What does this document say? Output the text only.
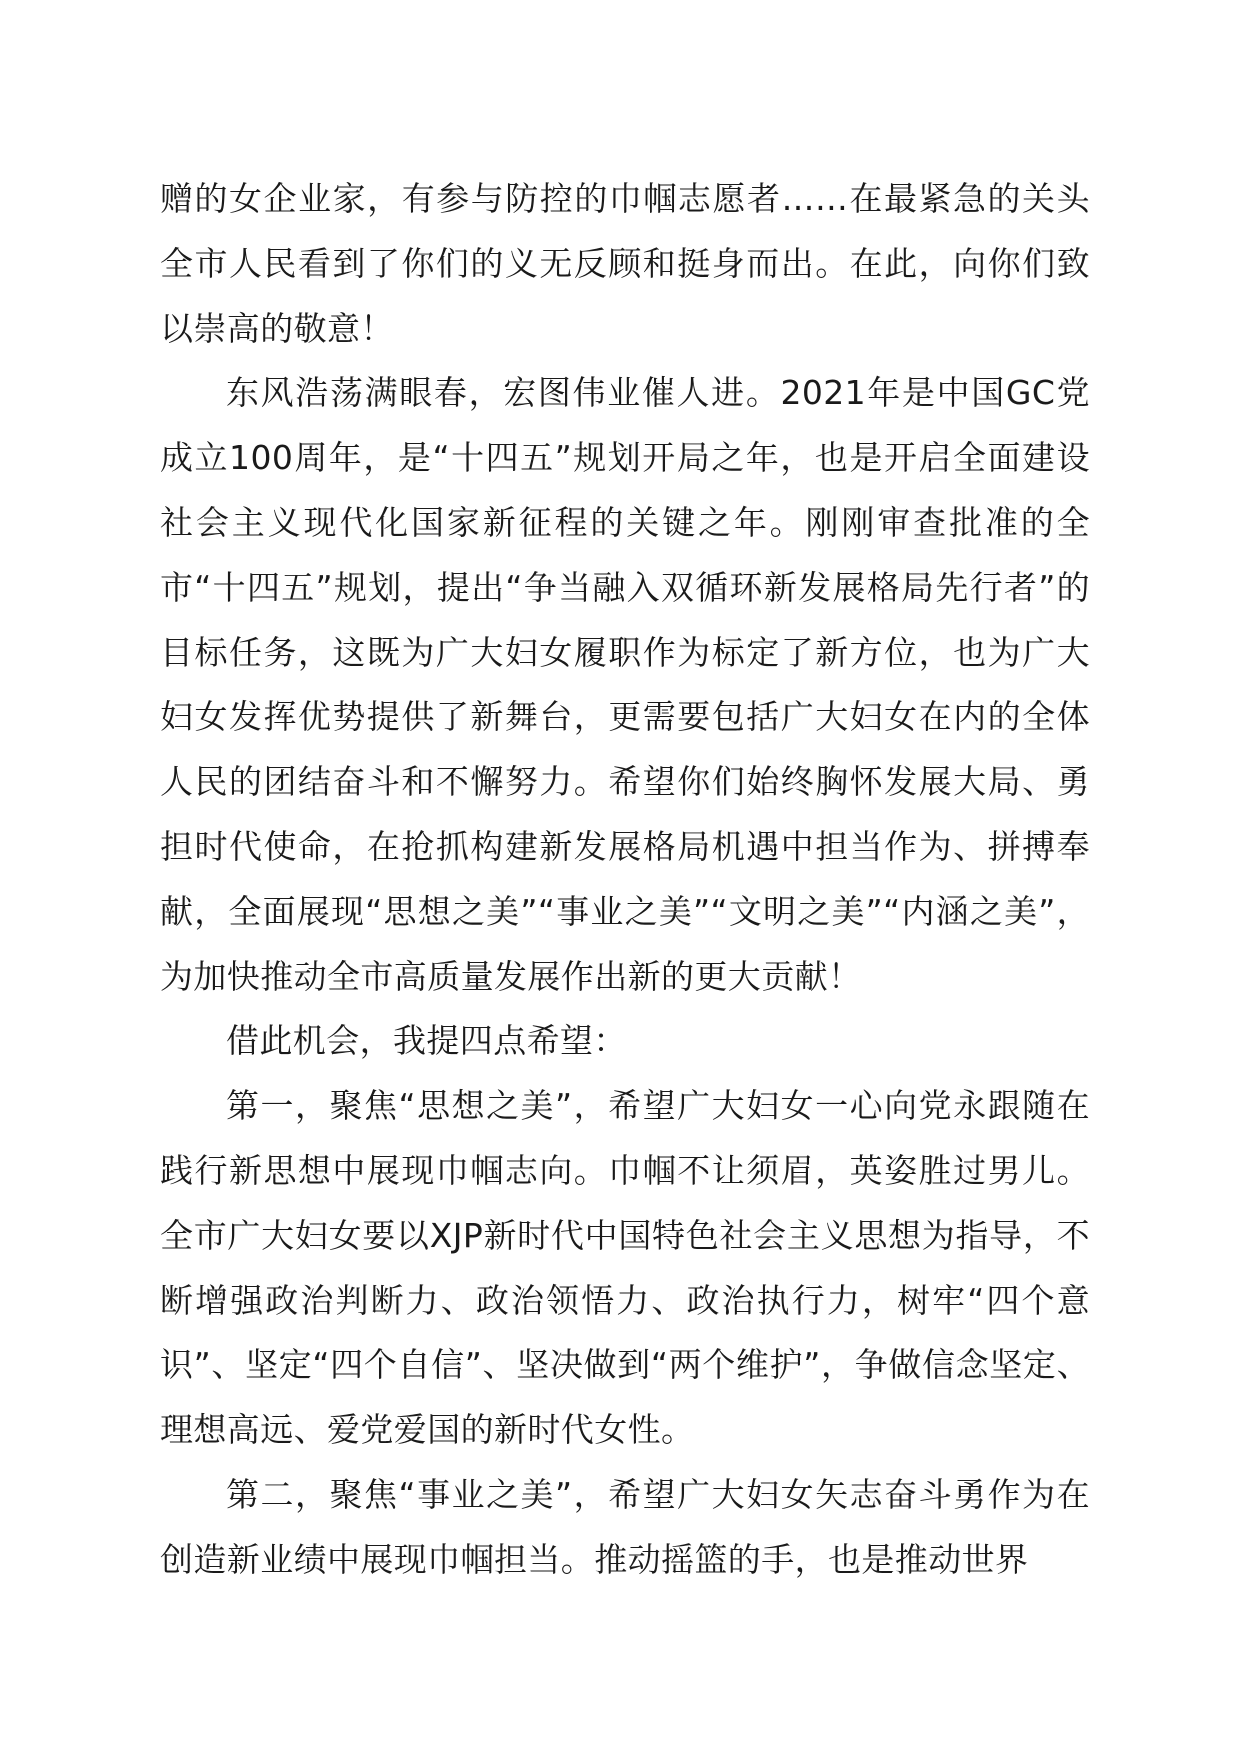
赠的女企业家，有参与防控的巾帼志愿者……在最紧急的关头全市人民看到了你们的义无反顾和挺身而出。在此，向你们致以崇高的敬意！

东风浩荡满眼春，宏图伟业催人进。2021年是中国GC党成立100周年，是“十四五”规划开局之年，也是开启全面建设社会主义现代化国家新征程的关键之年。刚刚审查批准的全市“十四五”规划，提出“争当融入双循环新发展格局先行者”的目标任务，这既为广大妇女履职作为标定了新方位，也为广大妇女发挥优势提供了新舞台，更需要包括广大妇女在内的全体人民的团结奋斗和不懈努力。希望你们始终胸怀发展大局、勇担时代使命，在抢抓构建新发展格局机遇中担当作为、拼搏奉献，全面展现“思想之美”“事业之美”“文明之美”“内涵之美”，为加快推动全市高质量发展作出新的更大贡献！

借此机会，我提四点希望：

第一，聚焦“思想之美”，希望广大妇女一心向党永跟随在践行新思想中展现巾帼志向。巾帼不让须眉，英姿胜过男儿。全市广大妇女要以XJP新时代中国特色社会主义思想为指导，不断增强政治判断力、政治领悟力、政治执行力，树牢“四个意识”、坚定“四个自信”、坚决做到“两个维护”，争做信念坚定、理想高远、爱党爱国的新时代女性。

第二，聚焦“事业之美”，希望广大妇女矢志奋斗勇作为在创造新业绩中展现巾帼担当。推动摇篮的手，也是推动世界
